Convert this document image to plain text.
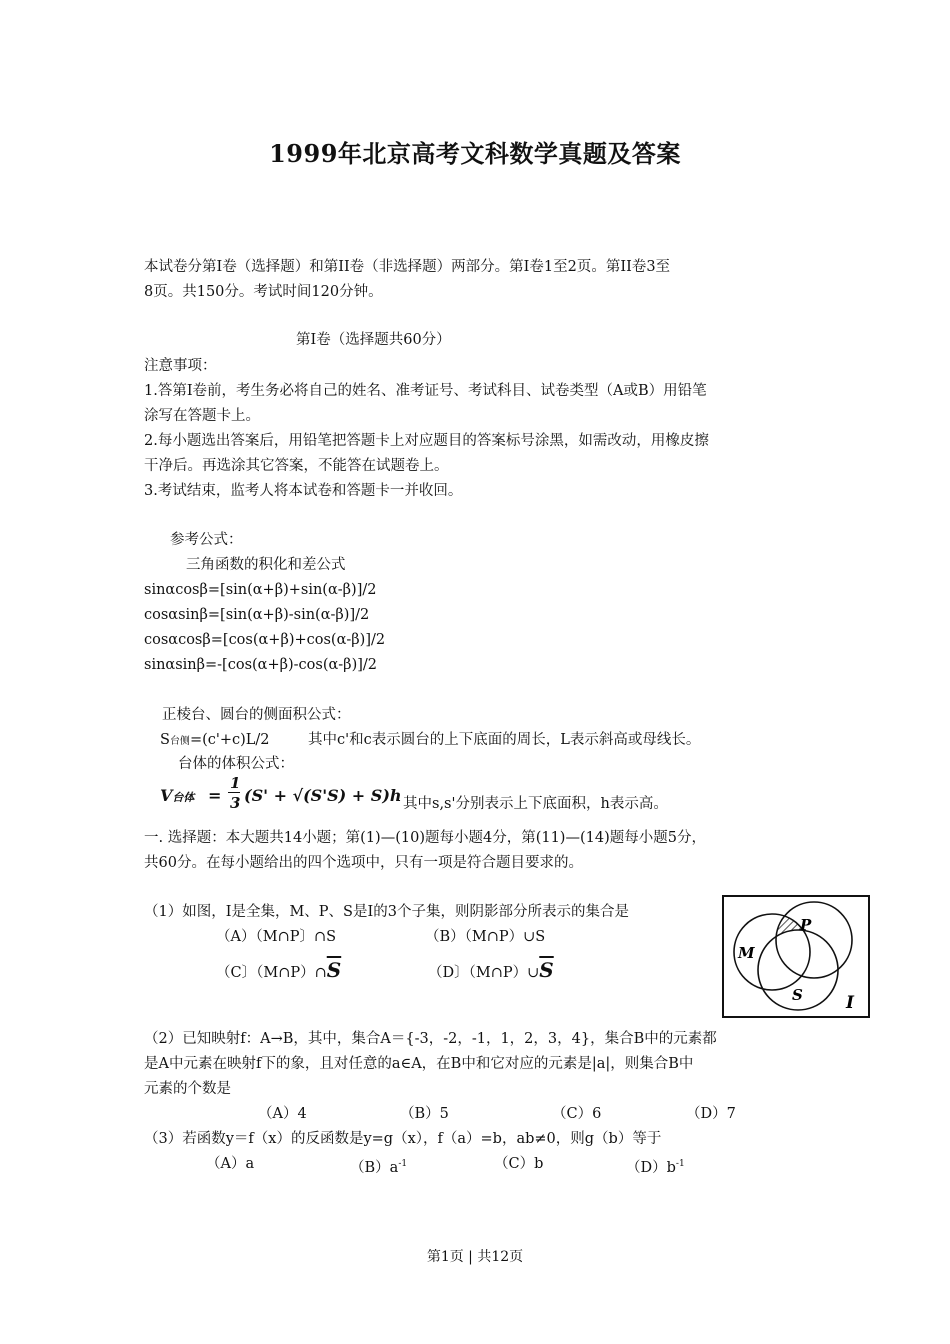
1999年北京高考文科数学真题及答案
本试卷分第I卷（选择题）和第II卷（非选择题）两部分。第I卷1至2页。第II卷3至
8页。共150分。考试时间120分钟。
第I卷（选择题共60分）
注意事项：
1.答第I卷前，考生务必将自己的姓名、准考证号、考试科目、试卷类型（A或B）用铅笔
涂写在答题卡上。
2.每小题选出答案后，用铅笔把答题卡上对应题目的答案标号涂黑，如需改动，用橡皮擦
干净后。再选涂其它答案，不能答在试题卷上。
3.考试结束，监考人将本试卷和答题卡一并收回。
参考公式：
三角函数的积化和差公式
sinαcosβ=[sin(α+β)+sin(α-β)]/2
cosαsinβ=[sin(α+β)-sin(α-β)]/2
cosαcosβ=[cos(α+β)+cos(α-β)]/2
sinαsinβ=-[cos(α+β)-cos(α-β)]/2
正棱台、圆台的侧面积公式：
S台侧=(c'+c)L/2	其中c'和c表示圆台的上下底面的周长，L表示斜高或母线长。
台体的体积公式：
V台体 =
1
3 (S' + √(S'S) + S)h 其中s,s'分别表示上下底面积，h表示高。
一. 选择题：本大题共14小题；第(1)—(10)题每小题4分，第(11)—(14)题每小题5分，
共60分。在每小题给出的四个选项中，只有一项是符合题目要求的。
（1）如图，I是全集，M、P、S是I的3个子集，则阴影部分所表示的集合是
（A）（M∩P〕∩S	（B）（M∩P）∪S
（C〕$(M\cap P)\cap\overline{S}$	（D〕$(M\cap P)\cup\overline{S}$
M
P
S	I
（2）已知映射f：A→B，其中，集合A＝{-3，-2，-1，1，2，3，4}，集合B中的元素都
是A中元素在映射f下的象，且对任意的a∈A，在B中和它对应的元素是|a|，则集合B中
元素的个数是
（A）4	（B）5	（C）6	（D）7
（3）若函数y＝f（x）的反函数是y=g（x），f（a）=b，ab≠0，则g（b）等于
（A）a	$(B)a^{-1}$	（C）b	$(D)b^{-1}$
第1页 | 共12页
